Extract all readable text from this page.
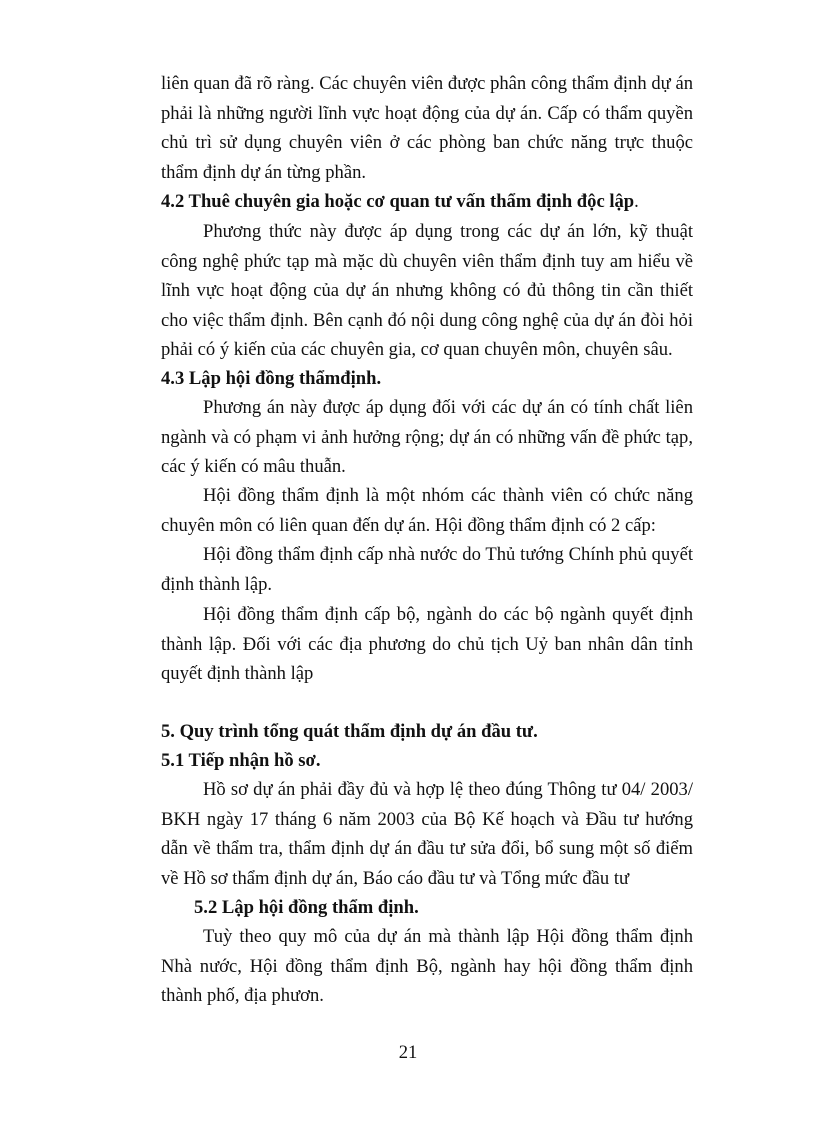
liên quan đã rõ ràng. Các chuyên viên được phân công thẩm định dự án phải là những người lĩnh vực hoạt động của dự án. Cấp có thẩm quyền chủ trì sử dụng chuyên viên ở các phòng ban chức năng trực thuộc thẩm định dự án từng phần.

4.2 Thuê chuyên gia hoặc cơ quan tư vấn thẩm định độc lập.

Phương thức này được áp dụng trong các dự án lớn, kỹ thuật công nghệ phức tạp mà mặc dù chuyên viên thẩm định tuy am hiểu về lĩnh vực hoạt động của dự án nhưng không có đủ thông tin cần thiết cho việc thẩm định. Bên cạnh đó nội dung công nghệ của dự án đòi hỏi phải có ý kiến của các chuyên gia, cơ quan chuyên môn, chuyên sâu.

4.3 Lập hội đồng thẩmđịnh.

Phương án này được áp dụng đối với các dự án có tính chất liên ngành và có phạm vi ảnh hưởng rộng; dự án có những vấn đề phức tạp, các ý kiến có mâu thuẫn.

Hội đồng thẩm định là một nhóm các thành viên có chức năng chuyên môn có liên quan đến dự án. Hội đồng thẩm định có 2 cấp:

Hội đồng thẩm định cấp nhà nước do Thủ tướng Chính phủ quyết định thành lập.

Hội đồng thẩm định cấp bộ, ngành do các bộ ngành quyết định thành lập. Đối với các địa phương do chủ tịch Uỷ ban nhân dân tỉnh quyết định thành lập

5. Quy trình tổng quát thẩm định dự án đầu tư.

5.1 Tiếp nhận hồ sơ.

Hồ sơ dự án phải đầy đủ và hợp lệ theo đúng Thông tư 04/ 2003/ BKH ngày 17 tháng 6 năm 2003 của Bộ Kế hoạch và Đầu tư hướng dẫn về thẩm tra, thẩm định dự án đầu tư sửa đổi, bổ sung một số điểm về Hồ sơ thẩm định dự án, Báo cáo đầu tư và Tổng mức đầu tư

5.2 Lập hội đồng thẩm định.

Tuỳ theo quy mô của dự án mà thành lập Hội đồng thẩm định Nhà nước, Hội đồng thẩm định Bộ, ngành hay hội đồng thẩm định thành phố, địa phươn.

21
